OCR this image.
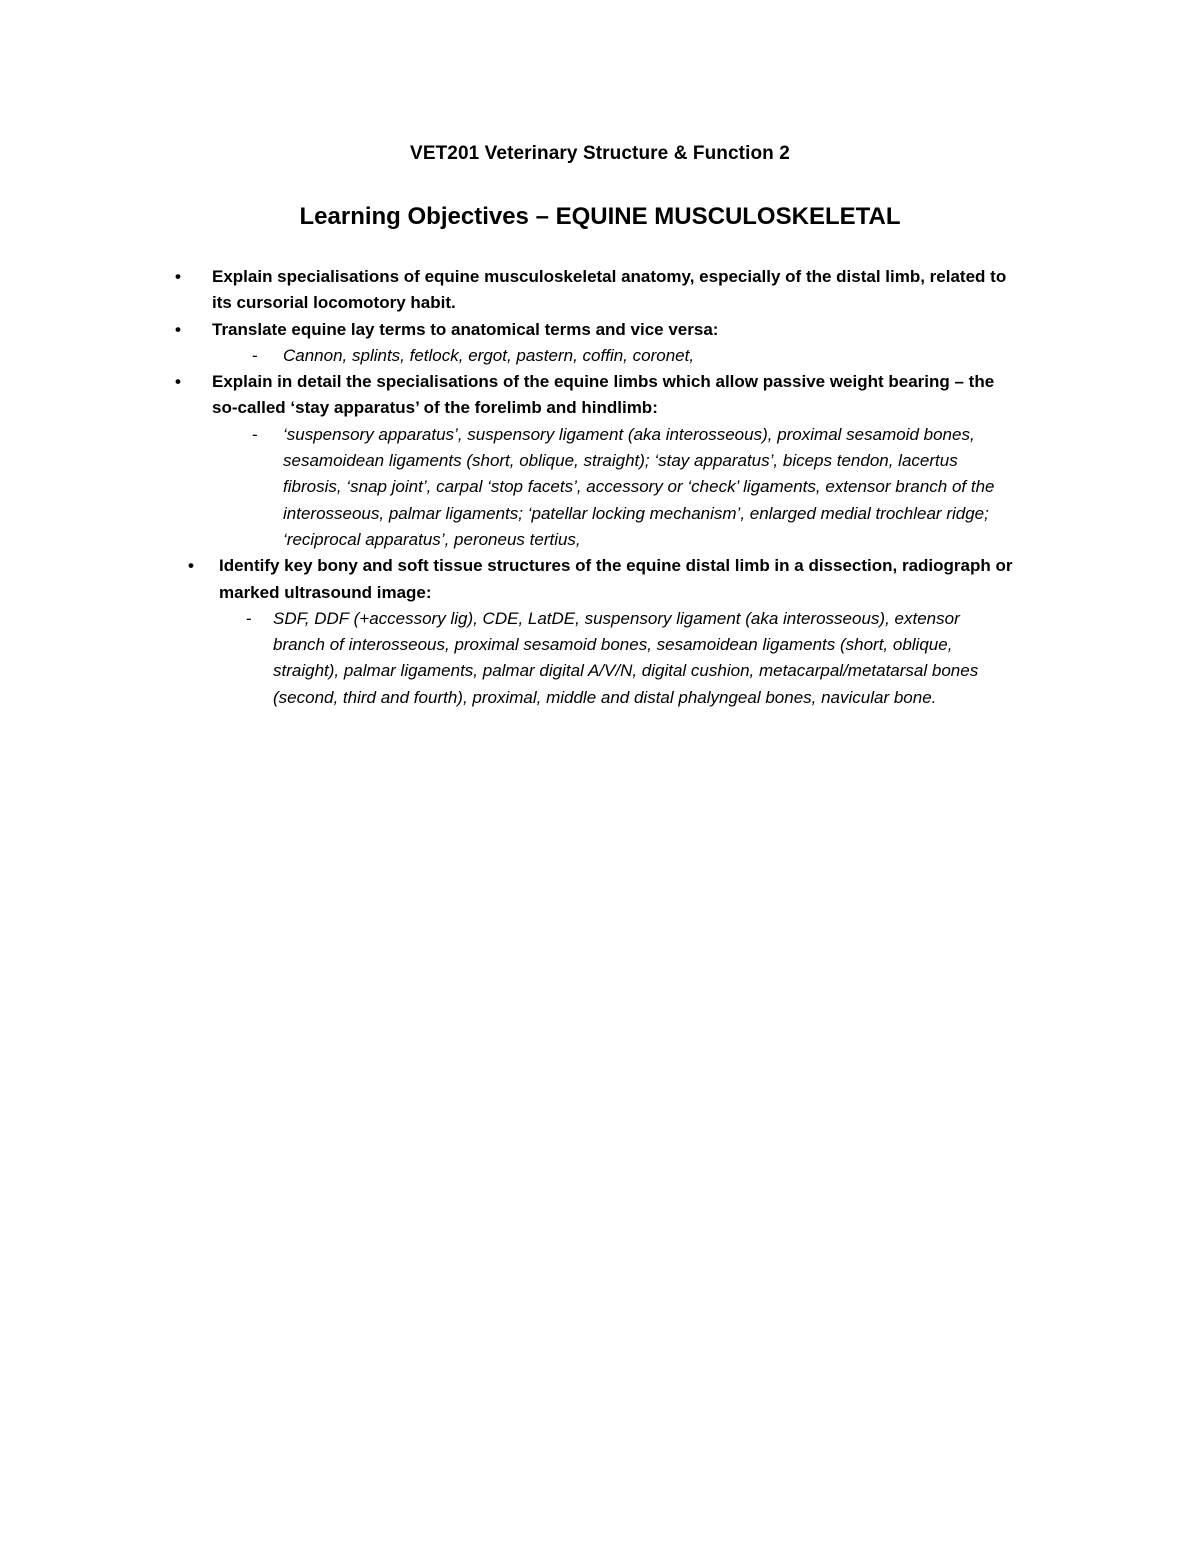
VET201 Veterinary Structure & Function 2
Learning Objectives – EQUINE MUSCULOSKELETAL
• Explain specialisations of equine musculoskeletal anatomy, especially of the distal limb, related to its cursorial locomotory habit.
• Translate equine lay terms to anatomical terms and vice versa:
- Cannon, splints, fetlock, ergot, pastern, coffin, coronet,
• Explain in detail the specialisations of the equine limbs which allow passive weight bearing – the so-called ‘stay apparatus’ of the forelimb and hindlimb:
- ‘suspensory apparatus’, suspensory ligament (aka interosseous), proximal sesamoid bones, sesamoidean ligaments (short, oblique, straight); ‘stay apparatus’, biceps tendon, lacertus fibrosis, ‘snap joint’, carpal ‘stop facets’, accessory or ‘check’ ligaments, extensor branch of the interosseous, palmar ligaments; ‘patellar locking mechanism’, enlarged medial trochlear ridge; ‘reciprocal apparatus’, peroneus tertius,
• Identify key bony and soft tissue structures of the equine distal limb in a dissection, radiograph or marked ultrasound image:
- SDF, DDF (+accessory lig), CDE, LatDE, suspensory ligament (aka interosseous), extensor branch of interosseous, proximal sesamoid bones, sesamoidean ligaments (short, oblique, straight), palmar ligaments, palmar digital A/V/N, digital cushion, metacarpal/metatarsal bones (second, third and fourth), proximal, middle and distal phalyngeal bones, navicular bone.
